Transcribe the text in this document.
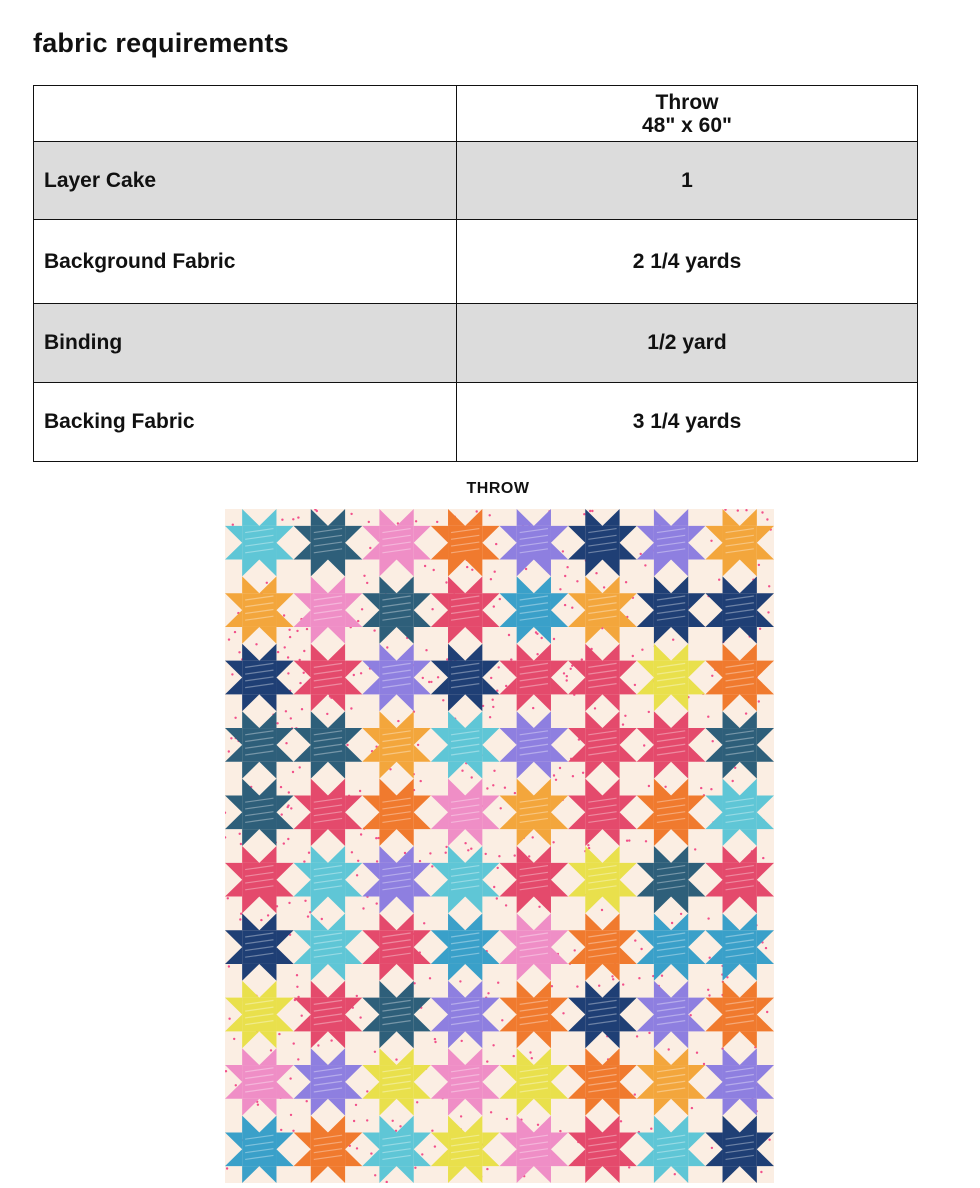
fabric requirements

	Throw
48" x 60"

Layer Cake	1
Background Fabric	2 1/4 yards
Binding	1/2 yard
Backing Fabric	3 1/4 yards
THROW
